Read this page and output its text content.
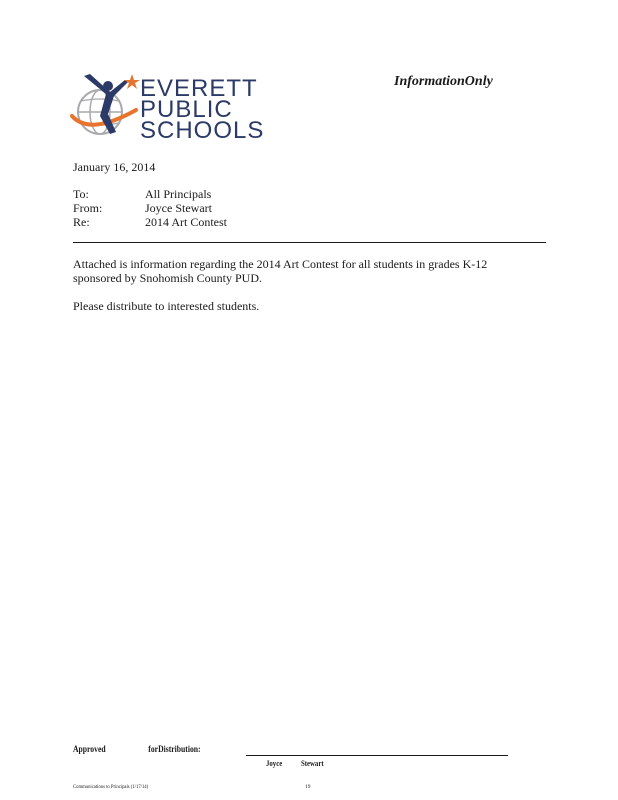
EVERETT
PUBLIC
SCHOOLS
InformationOnly
January 16, 2014
To:	All Principals
From:	Joyce Stewart
Re:	2014 Art Contest

Attached is information regarding the 2014 Art Contest for all students in grades K-12
sponsored by Snohomish County PUD.

Please distribute to interested students.

Approved	forDistribution:
Joyce Stewart
Communications to Principals (1/17/14)	19
